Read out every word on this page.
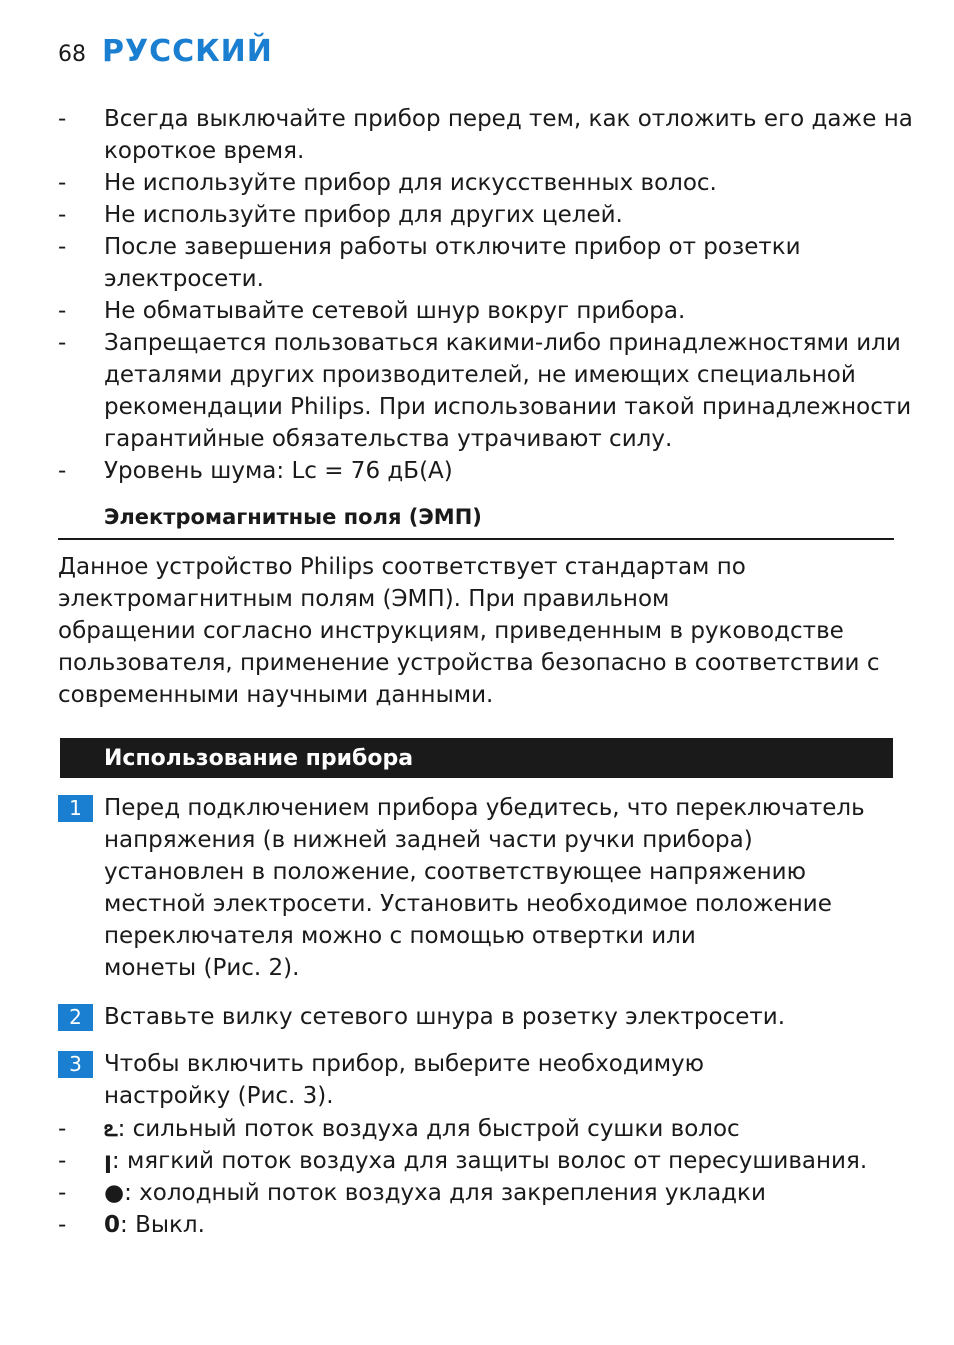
68 РУССКИЙ
- Всегда выключайте прибор перед тем, как отложить его даже на
короткое время.
- Не используйте прибор для искусственных волос.
- Не используйте прибор для других целей.
- После завершения работы отключите прибор от розетки
электросети.
- Не обматывайте сетевой шнур вокруг прибора.
- Запрещается пользоваться какими-либо принадлежностями или
деталями других производителей, не имеющих специальной
рекомендации Philips. При использовании такой принадлежности
гарантийные обязательства утрачивают силу.
- Уровень шума: Lc = 76 дБ(A)
Электромагнитные поля (ЭМП)

Данное устройство Philips соответствует стандартам по
электромагнитным полям (ЭМП). При правильном
обращении согласно инструкциям, приведенным в руководстве
пользователя, применение устройства безопасно в соответствии с
современными научными данными.

Использование прибора
1 Перед подключением прибора убедитесь, что переключатель
напряжения (в нижней задней части ручки прибора)
установлен в положение, соответствующее напряжению
местной электросети. Установить необходимое положение
переключателя можно с помощью отвертки или
монеты (Рис. 2).
2 Вставьте вилку сетевого шнура в розетку электросети.
3 Чтобы включить прибор, выберите необходимую
настройку (Рис. 3).
- ఽ: сильный поток воздуха для быстрой сушки волос
- ꞁ: мягкий поток воздуха для защиты волос от пересушивания.
- ●: холодный поток воздуха для закрепления укладки
- 0: Выкл.
